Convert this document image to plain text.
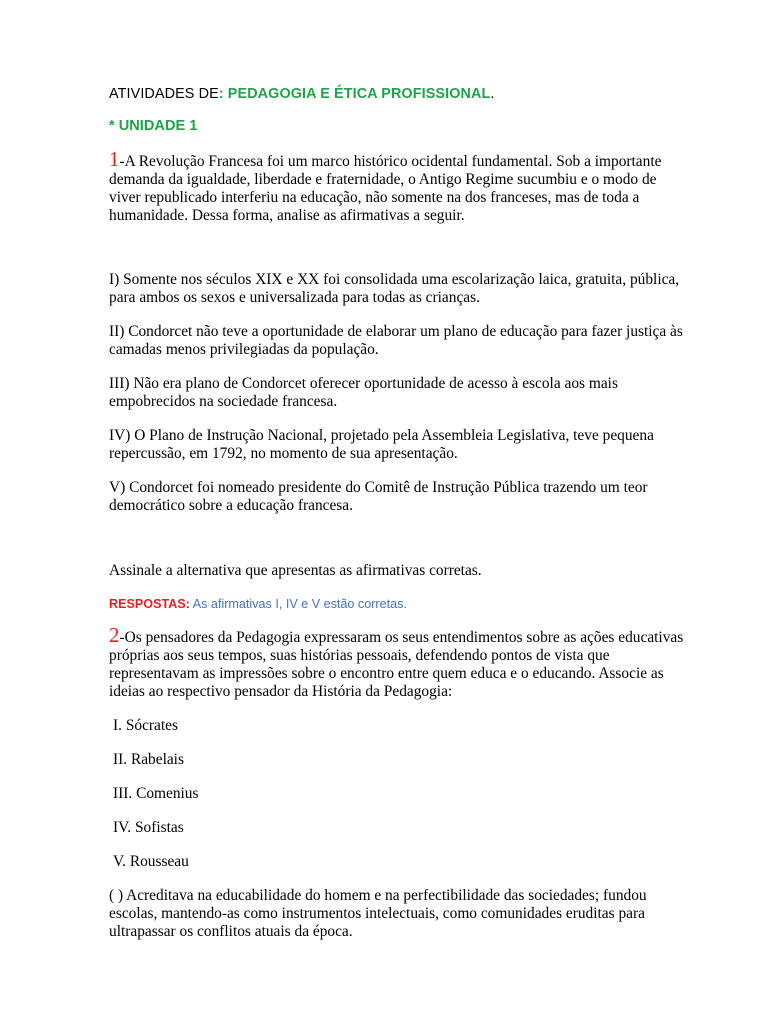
ATIVIDADES DE: PEDAGOGIA E ÉTICA PROFISSIONAL.

* UNIDADE 1

1-A Revolução Francesa foi um marco histórico ocidental fundamental. Sob a importante demanda da igualdade, liberdade e fraternidade, o Antigo Regime sucumbiu e o modo de viver republicado interferiu na educação, não somente na dos franceses, mas de toda a humanidade. Dessa forma, analise as afirmativas a seguir.

I) Somente nos séculos XIX e XX foi consolidada uma escolarização laica, gratuita, pública, para ambos os sexos e universalizada para todas as crianças.

II) Condorcet não teve a oportunidade de elaborar um plano de educação para fazer justiça às camadas menos privilegiadas da população.

III) Não era plano de Condorcet oferecer oportunidade de acesso à escola aos mais empobrecidos na sociedade francesa.

IV) O Plano de Instrução Nacional, projetado pela Assembleia Legislativa, teve pequena repercussão, em 1792, no momento de sua apresentação.

V) Condorcet foi nomeado presidente do Comitê de Instrução Pública trazendo um teor democrático sobre a educação francesa.

Assinale a alternativa que apresentas as afirmativas corretas.

RESPOSTAS: As afirmativas I, IV e V estão corretas.

2-Os pensadores da Pedagogia expressaram os seus entendimentos sobre as ações educativas próprias aos seus tempos, suas histórias pessoais, defendendo pontos de vista que representavam as impressões sobre o encontro entre quem educa e o educando. Associe as ideias ao respectivo pensador da História da Pedagogia:

I. Sócrates

II. Rabelais

III. Comenius

IV. Sofistas

V. Rousseau

( ) Acreditava na educabilidade do homem e na perfectibilidade das sociedades; fundou escolas, mantendo-as como instrumentos intelectuais, como comunidades eruditas para ultrapassar os conflitos atuais da época.
